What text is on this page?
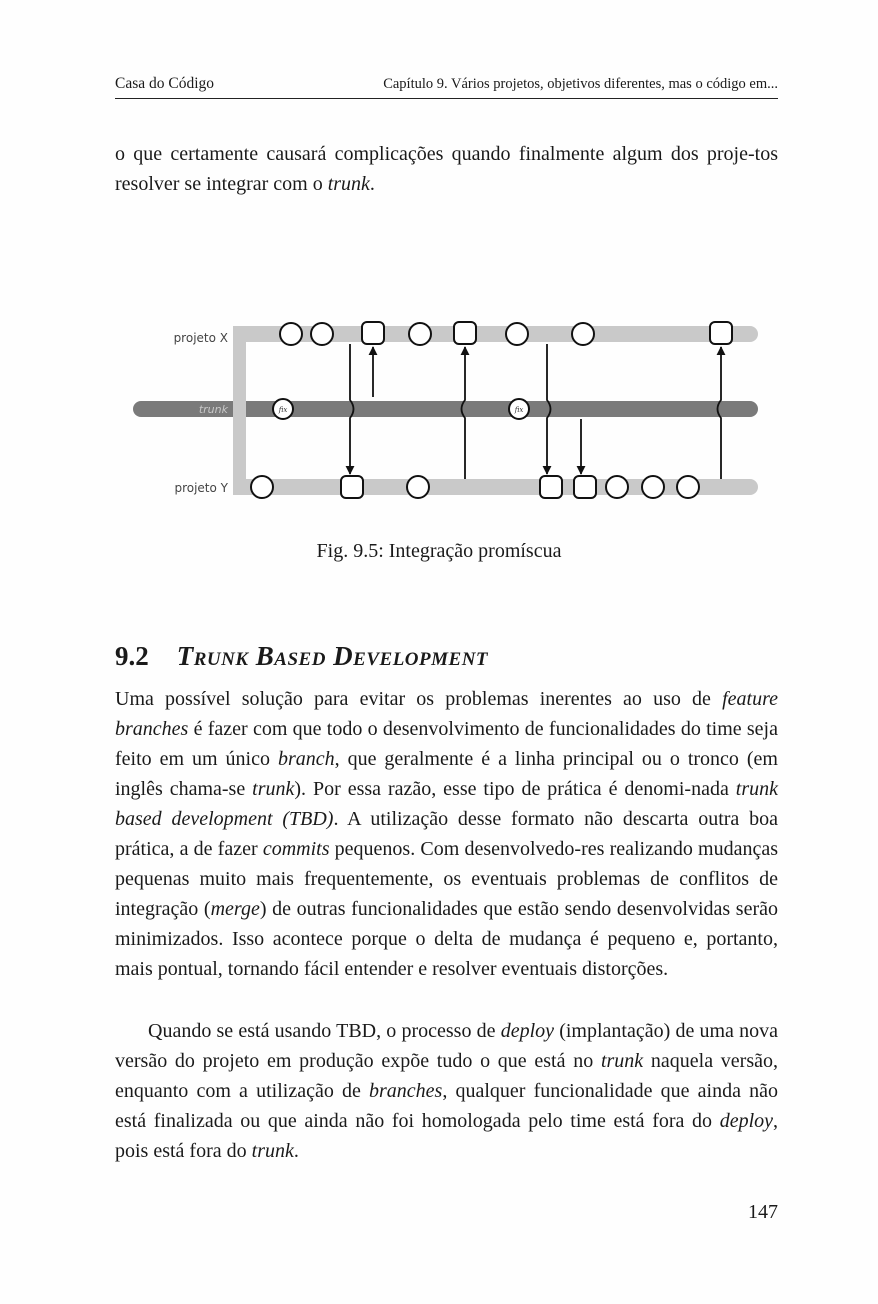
Casa do Código	Capítulo 9. Vários projetos, objetivos diferentes, mas o código em...

o que certamente causará complicações quando finalmente algum dos proje-tos resolver se integrar com o trunk.

projeto X
trunk
projeto Y
fix	fix
Fig. 9.5: Integração promíscua
9.2 Trunk Based Development

Uma possível solução para evitar os problemas inerentes ao uso de feature branches é fazer com que todo o desenvolvimento de funcionalidades do time seja feito em um único branch, que geralmente é a linha principal ou o tronco (em inglês chama-se trunk). Por essa razão, esse tipo de prática é denomi-nada trunk based development (TBD). A utilização desse formato não descarta outra boa prática, a de fazer commits pequenos. Com desenvolvedo-res realizando mudanças pequenas muito mais frequentemente, os eventuais problemas de conflitos de integração (merge) de outras funcionalidades que estão sendo desenvolvidas serão minimizados. Isso acontece porque o delta de mudança é pequeno e, portanto, mais pontual, tornando fácil entender e resolver eventuais distorções.

Quando se está usando TBD, o processo de deploy (implantação) de uma nova versão do projeto em produção expõe tudo o que está no trunk naquela versão, enquanto com a utilização de branches, qualquer funcionalidade que ainda não está finalizada ou que ainda não foi homologada pelo time está fora do deploy, pois está fora do trunk.

147
